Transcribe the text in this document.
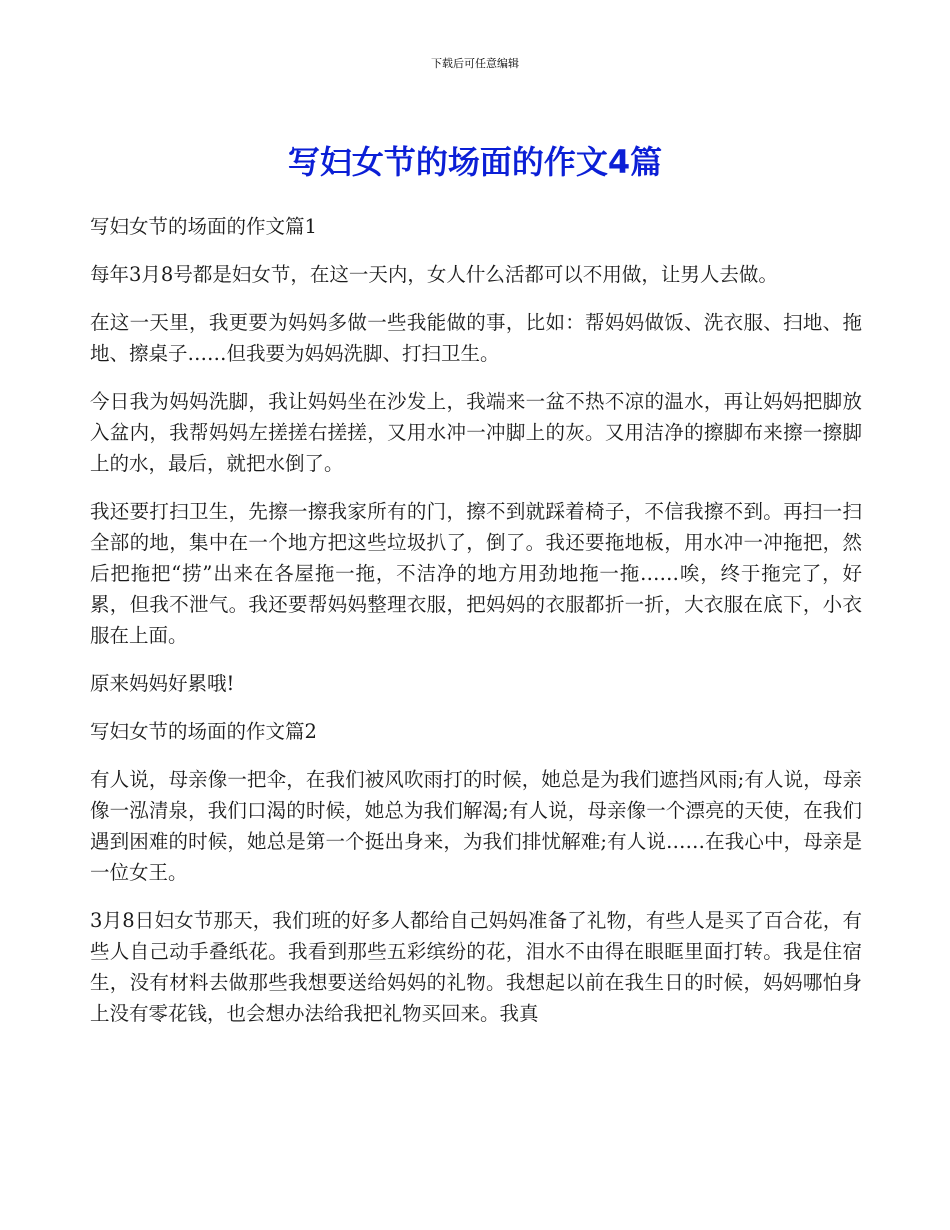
下载后可任意编辑
写妇女节的场面的作文4篇

写妇女节的场面的作文篇1

每年3月8号都是妇女节，在这一天内，女人什么活都可以不用做，让男人去做。

在这一天里，我更要为妈妈多做一些我能做的事，比如：帮妈妈做饭、洗衣服、扫地、拖地、擦桌子……但我要为妈妈洗脚、打扫卫生。

今日我为妈妈洗脚，我让妈妈坐在沙发上，我端来一盆不热不凉的温水，再让妈妈把脚放入盆内，我帮妈妈左搓搓右搓搓，又用水冲一冲脚上的灰。又用洁净的擦脚布来擦一擦脚上的水，最后，就把水倒了。

我还要打扫卫生，先擦一擦我家所有的门，擦不到就踩着椅子，不信我擦不到。再扫一扫全部的地，集中在一个地方把这些垃圾扒了，倒了。我还要拖地板，用水冲一冲拖把，然后把拖把“捞”出来在各屋拖一拖，不洁净的地方用劲地拖一拖……唉，终于拖完了，好累，但我不泄气。我还要帮妈妈整理衣服，把妈妈的衣服都折一折，大衣服在底下，小衣服在上面。

原来妈妈好累哦!

写妇女节的场面的作文篇2

有人说，母亲像一把伞，在我们被风吹雨打的时候，她总是为我们遮挡风雨;有人说，母亲像一泓清泉，我们口渴的时候，她总为我们解渴;有人说，母亲像一个漂亮的天使，在我们遇到困难的时候，她总是第一个挺出身来，为我们排忧解难;有人说……在我心中，母亲是一位女王。

3月8日妇女节那天，我们班的好多人都给自己妈妈准备了礼物，有些人是买了百合花，有些人自己动手叠纸花。我看到那些五彩缤纷的花，泪水不由得在眼眶里面打转。我是住宿生，没有材料去做那些我想要送给妈妈的礼物。我想起以前在我生日的时候，妈妈哪怕身上没有零花钱，也会想办法给我把礼物买回来。我真
